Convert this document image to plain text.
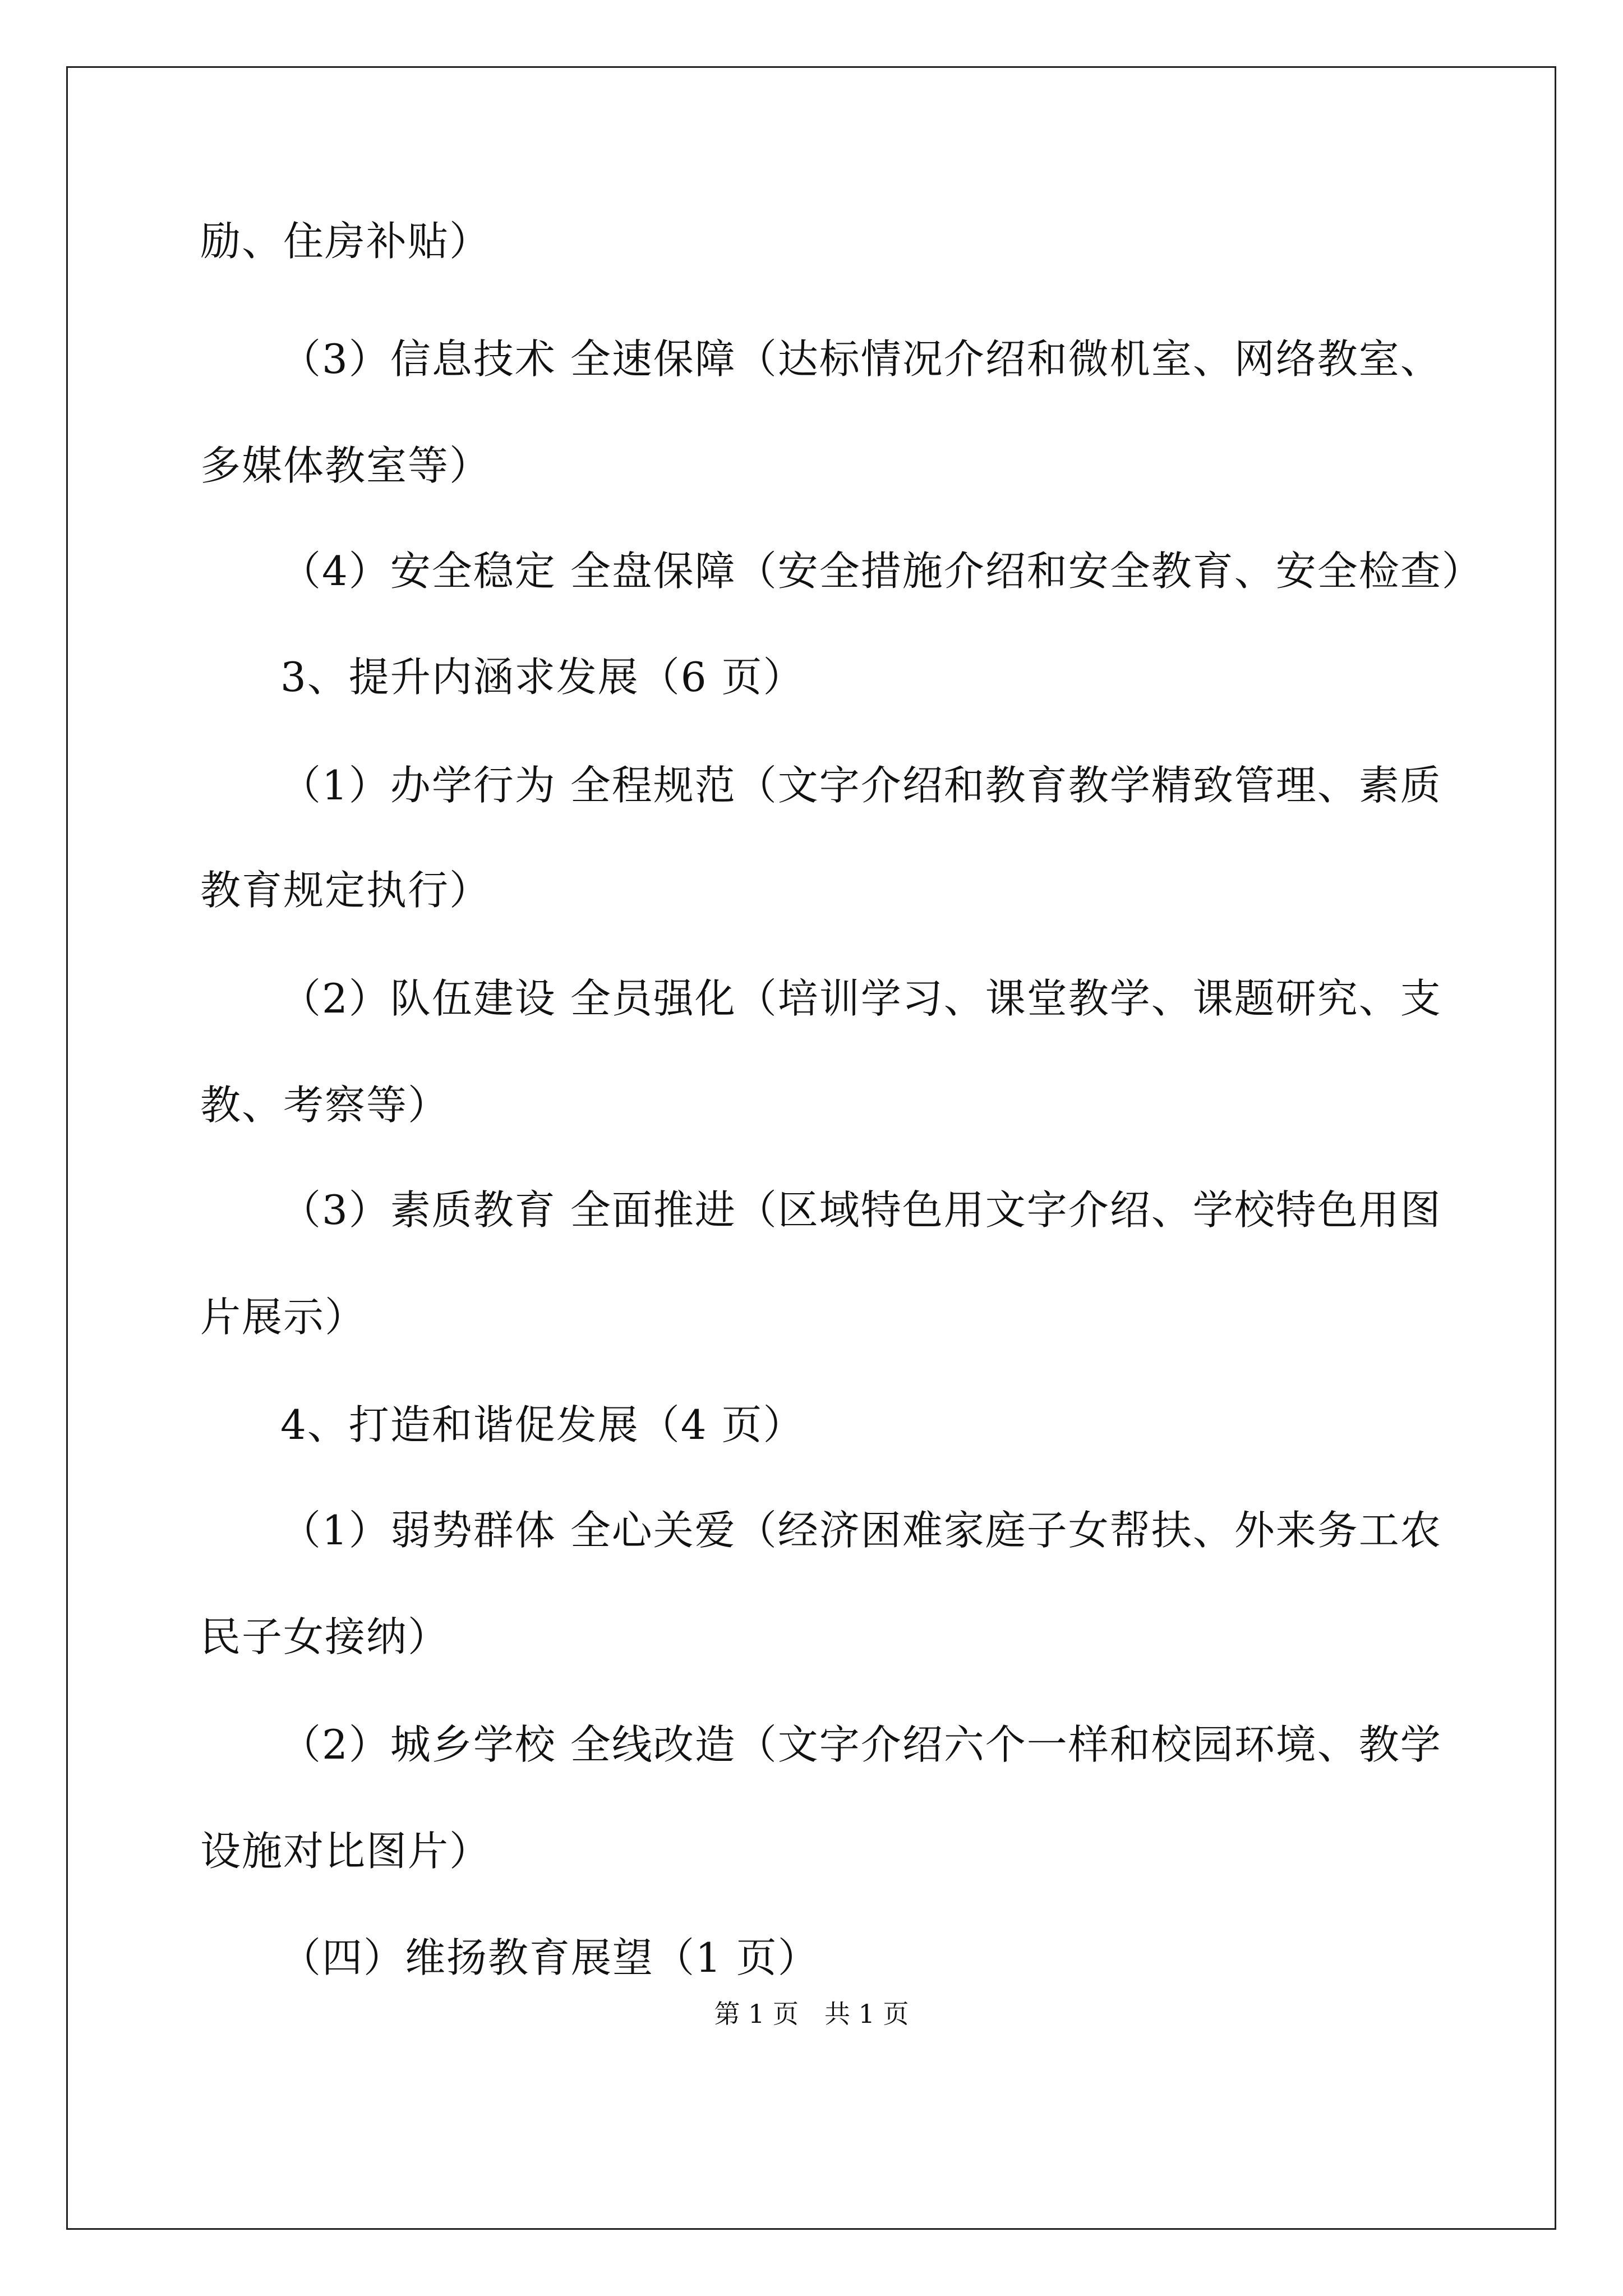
励、住房补贴）
（3）信息技术 全速保障（达标情况介绍和微机室、网络教室、
多媒体教室等）
（4）安全稳定 全盘保障（安全措施介绍和安全教育、安全检查）
3、提升内涵求发展（6 页）
（1）办学行为 全程规范（文字介绍和教育教学精致管理、素质
教育规定执行）
（2）队伍建设 全员强化（培训学习、课堂教学、课题研究、支
教、考察等）
（3）素质教育 全面推进（区域特色用文字介绍、学校特色用图
片展示）
4、打造和谐促发展（4 页）
（1）弱势群体 全心关爱（经济困难家庭子女帮扶、外来务工农
民子女接纳）
（2）城乡学校 全线改造（文字介绍六个一样和校园环境、教学
设施对比图片）
（四）维扬教育展望（1 页）
第 1 页　共 1 页
